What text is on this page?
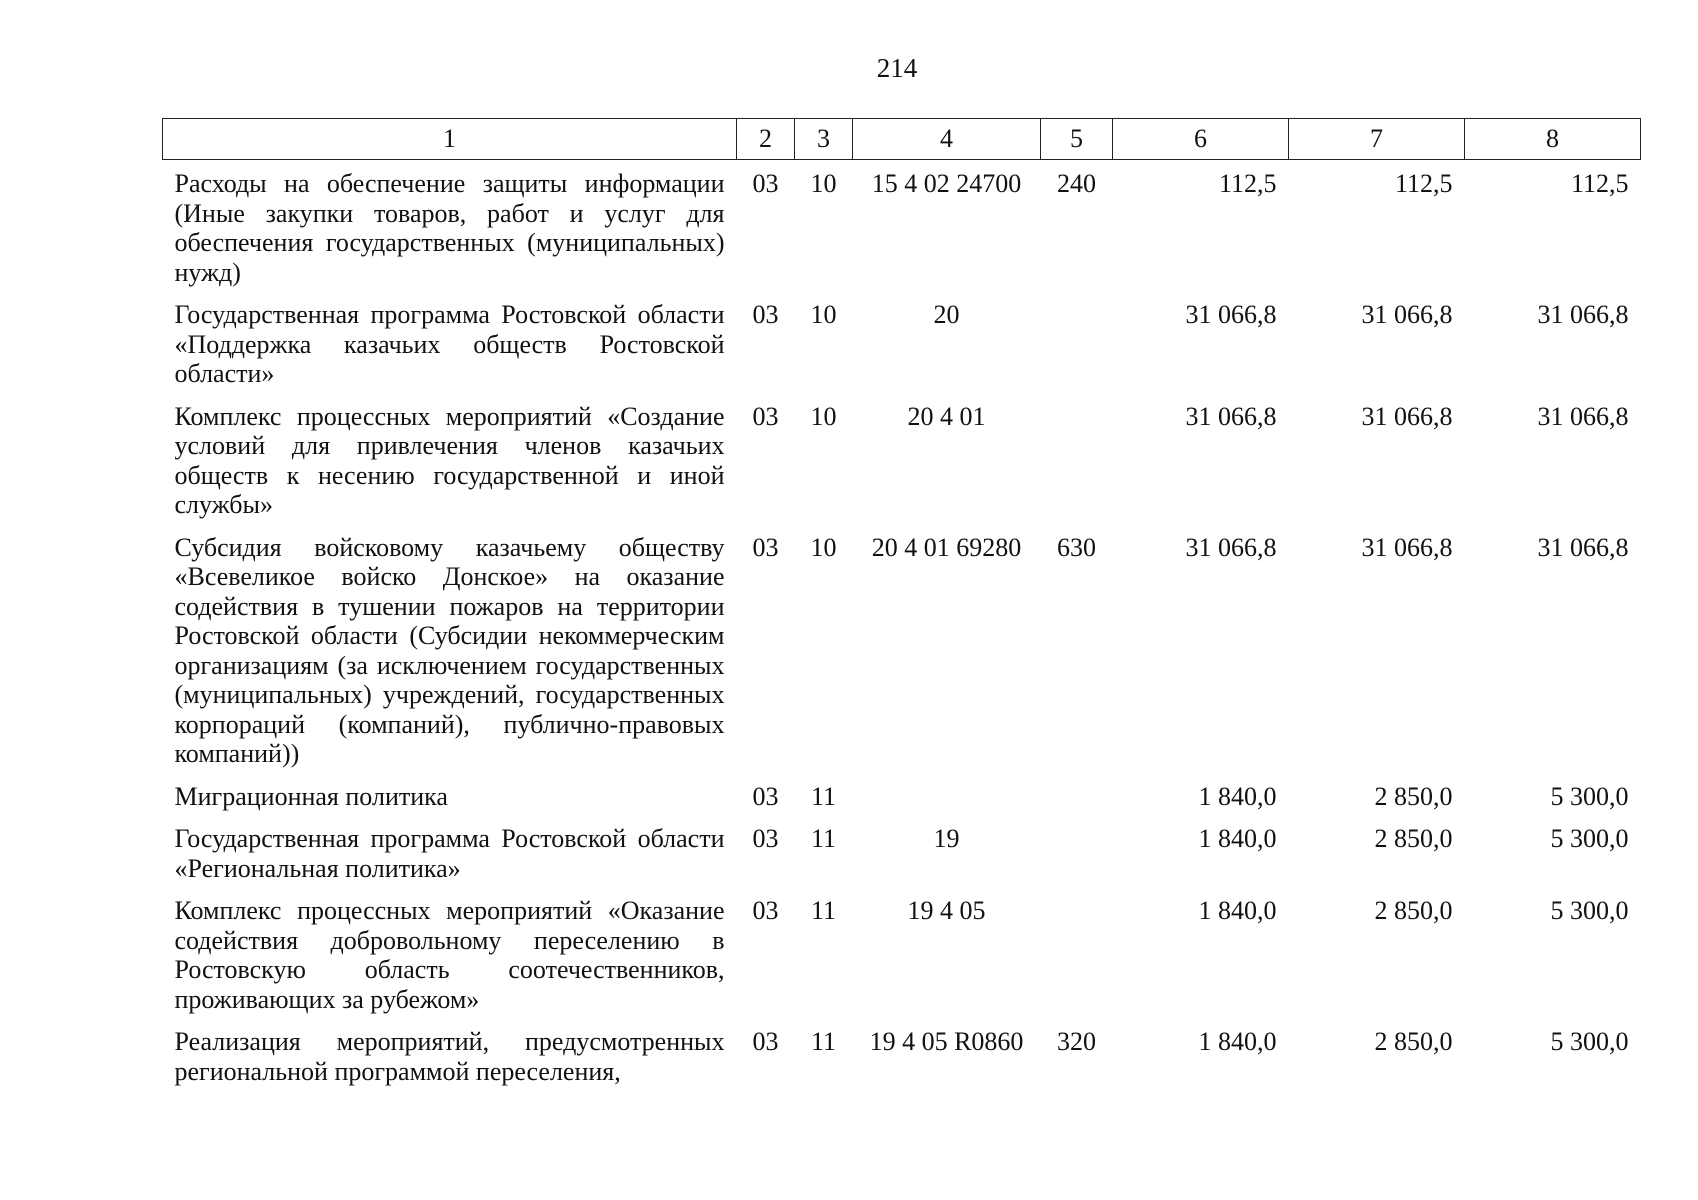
214
1	2	3	4	5	6	7	8
Расходы на обеспечение защиты информации (Иные закупки товаров, работ и услуг для обеспечения государственных (муниципальных) нужд)	03	10	15 4 02 24700	240	112,5	112,5	112,5
Государственная программа Ростовской области «Поддержка казачьих обществ Ростовской области»	03	10	20		31 066,8	31 066,8	31 066,8
Комплекс процессных мероприятий «Создание условий для привлечения членов казачьих обществ к несению государственной и иной службы»	03	10	20 4 01		31 066,8	31 066,8	31 066,8
Субсидия войсковому казачьему обществу «Всевеликое войско Донское» на оказание содействия в тушении пожаров на территории Ростовской области (Субсидии некоммерческим организациям (за исключением государственных (муниципальных) учреждений, государственных корпораций (компаний), публично-правовых компаний))	03	10	20 4 01 69280	630	31 066,8	31 066,8	31 066,8
Миграционная политика	03	11			1 840,0	2 850,0	5 300,0
Государственная программа Ростовской области «Региональная политика»	03	11	19		1 840,0	2 850,0	5 300,0
Комплекс процессных мероприятий «Оказание содействия добровольному переселению в Ростовскую область соотечественников, проживающих за рубежом»	03	11	19 4 05		1 840,0	2 850,0	5 300,0
Реализация мероприятий, предусмотренных региональной программой переселения,	03	11	19 4 05 R0860	320	1 840,0	2 850,0	5 300,0
